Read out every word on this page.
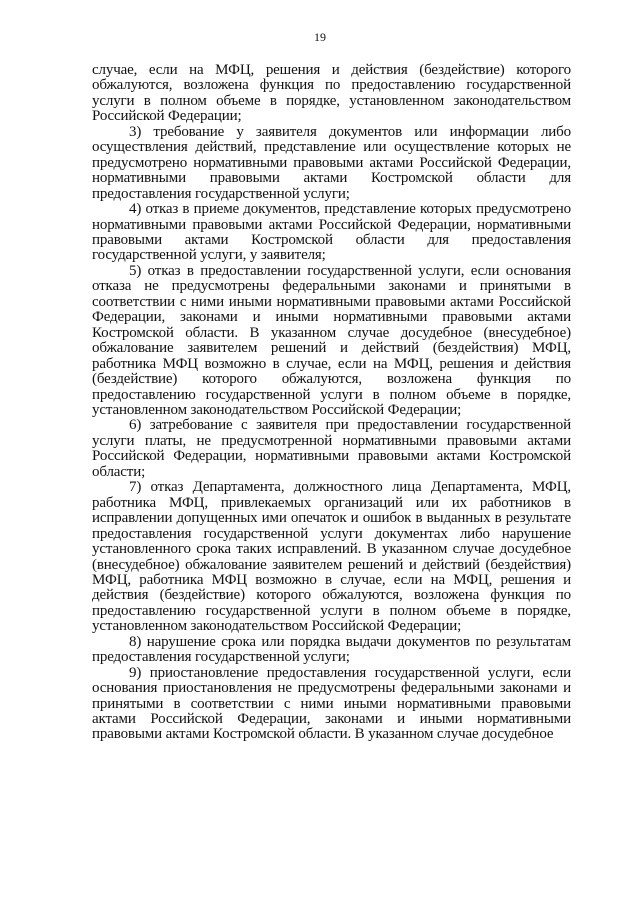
19

случае, если на МФЦ, решения и действия (бездействие) которого обжалуются, возложена функция по предоставлению государственной услуги в полном объеме в порядке, установленном законодательством Российской Федерации;

3) требование у заявителя документов или информации либо осуществления действий, представление или осуществление которых не предусмотрено нормативными правовыми актами Российской Федерации, нормативными правовыми актами Костромской области для предоставления государственной услуги;

4) отказ в приеме документов, представление которых предусмотрено нормативными правовыми актами Российской Федерации, нормативными правовыми актами Костромской области для предоставления государственной услуги, у заявителя;

5) отказ в предоставлении государственной услуги, если основания отказа не предусмотрены федеральными законами и принятыми в соответствии с ними иными нормативными правовыми актами Российской Федерации, законами и иными нормативными правовыми актами Костромской области. В указанном случае досудебное (внесудебное) обжалование заявителем решений и действий (бездействия) МФЦ, работника МФЦ возможно в случае, если на МФЦ, решения и действия (бездействие) которого обжалуются, возложена функция по предоставлению государственной услуги в полном объеме в порядке, установленном законодательством Российской Федерации;

6) затребование с заявителя при предоставлении государственной услуги платы, не предусмотренной нормативными правовыми актами Российской Федерации, нормативными правовыми актами Костромской области;

7) отказ Департамента, должностного лица Департамента, МФЦ, работника МФЦ, привлекаемых организаций или их работников в исправлении допущенных ими опечаток и ошибок в выданных в результате предоставления государственной услуги документах либо нарушение установленного срока таких исправлений. В указанном случае досудебное (внесудебное) обжалование заявителем решений и действий (бездействия) МФЦ, работника МФЦ возможно в случае, если на МФЦ, решения и действия (бездействие) которого обжалуются, возложена функция по предоставлению государственной услуги в полном объеме в порядке, установленном законодательством Российской Федерации;

8) нарушение срока или порядка выдачи документов по результатам предоставления государственной услуги;

9) приостановление предоставления государственной услуги, если основания приостановления не предусмотрены федеральными законами и принятыми в соответствии с ними иными нормативными правовыми актами Российской Федерации, законами и иными нормативными правовыми актами Костромской области. В указанном случае досудебное
